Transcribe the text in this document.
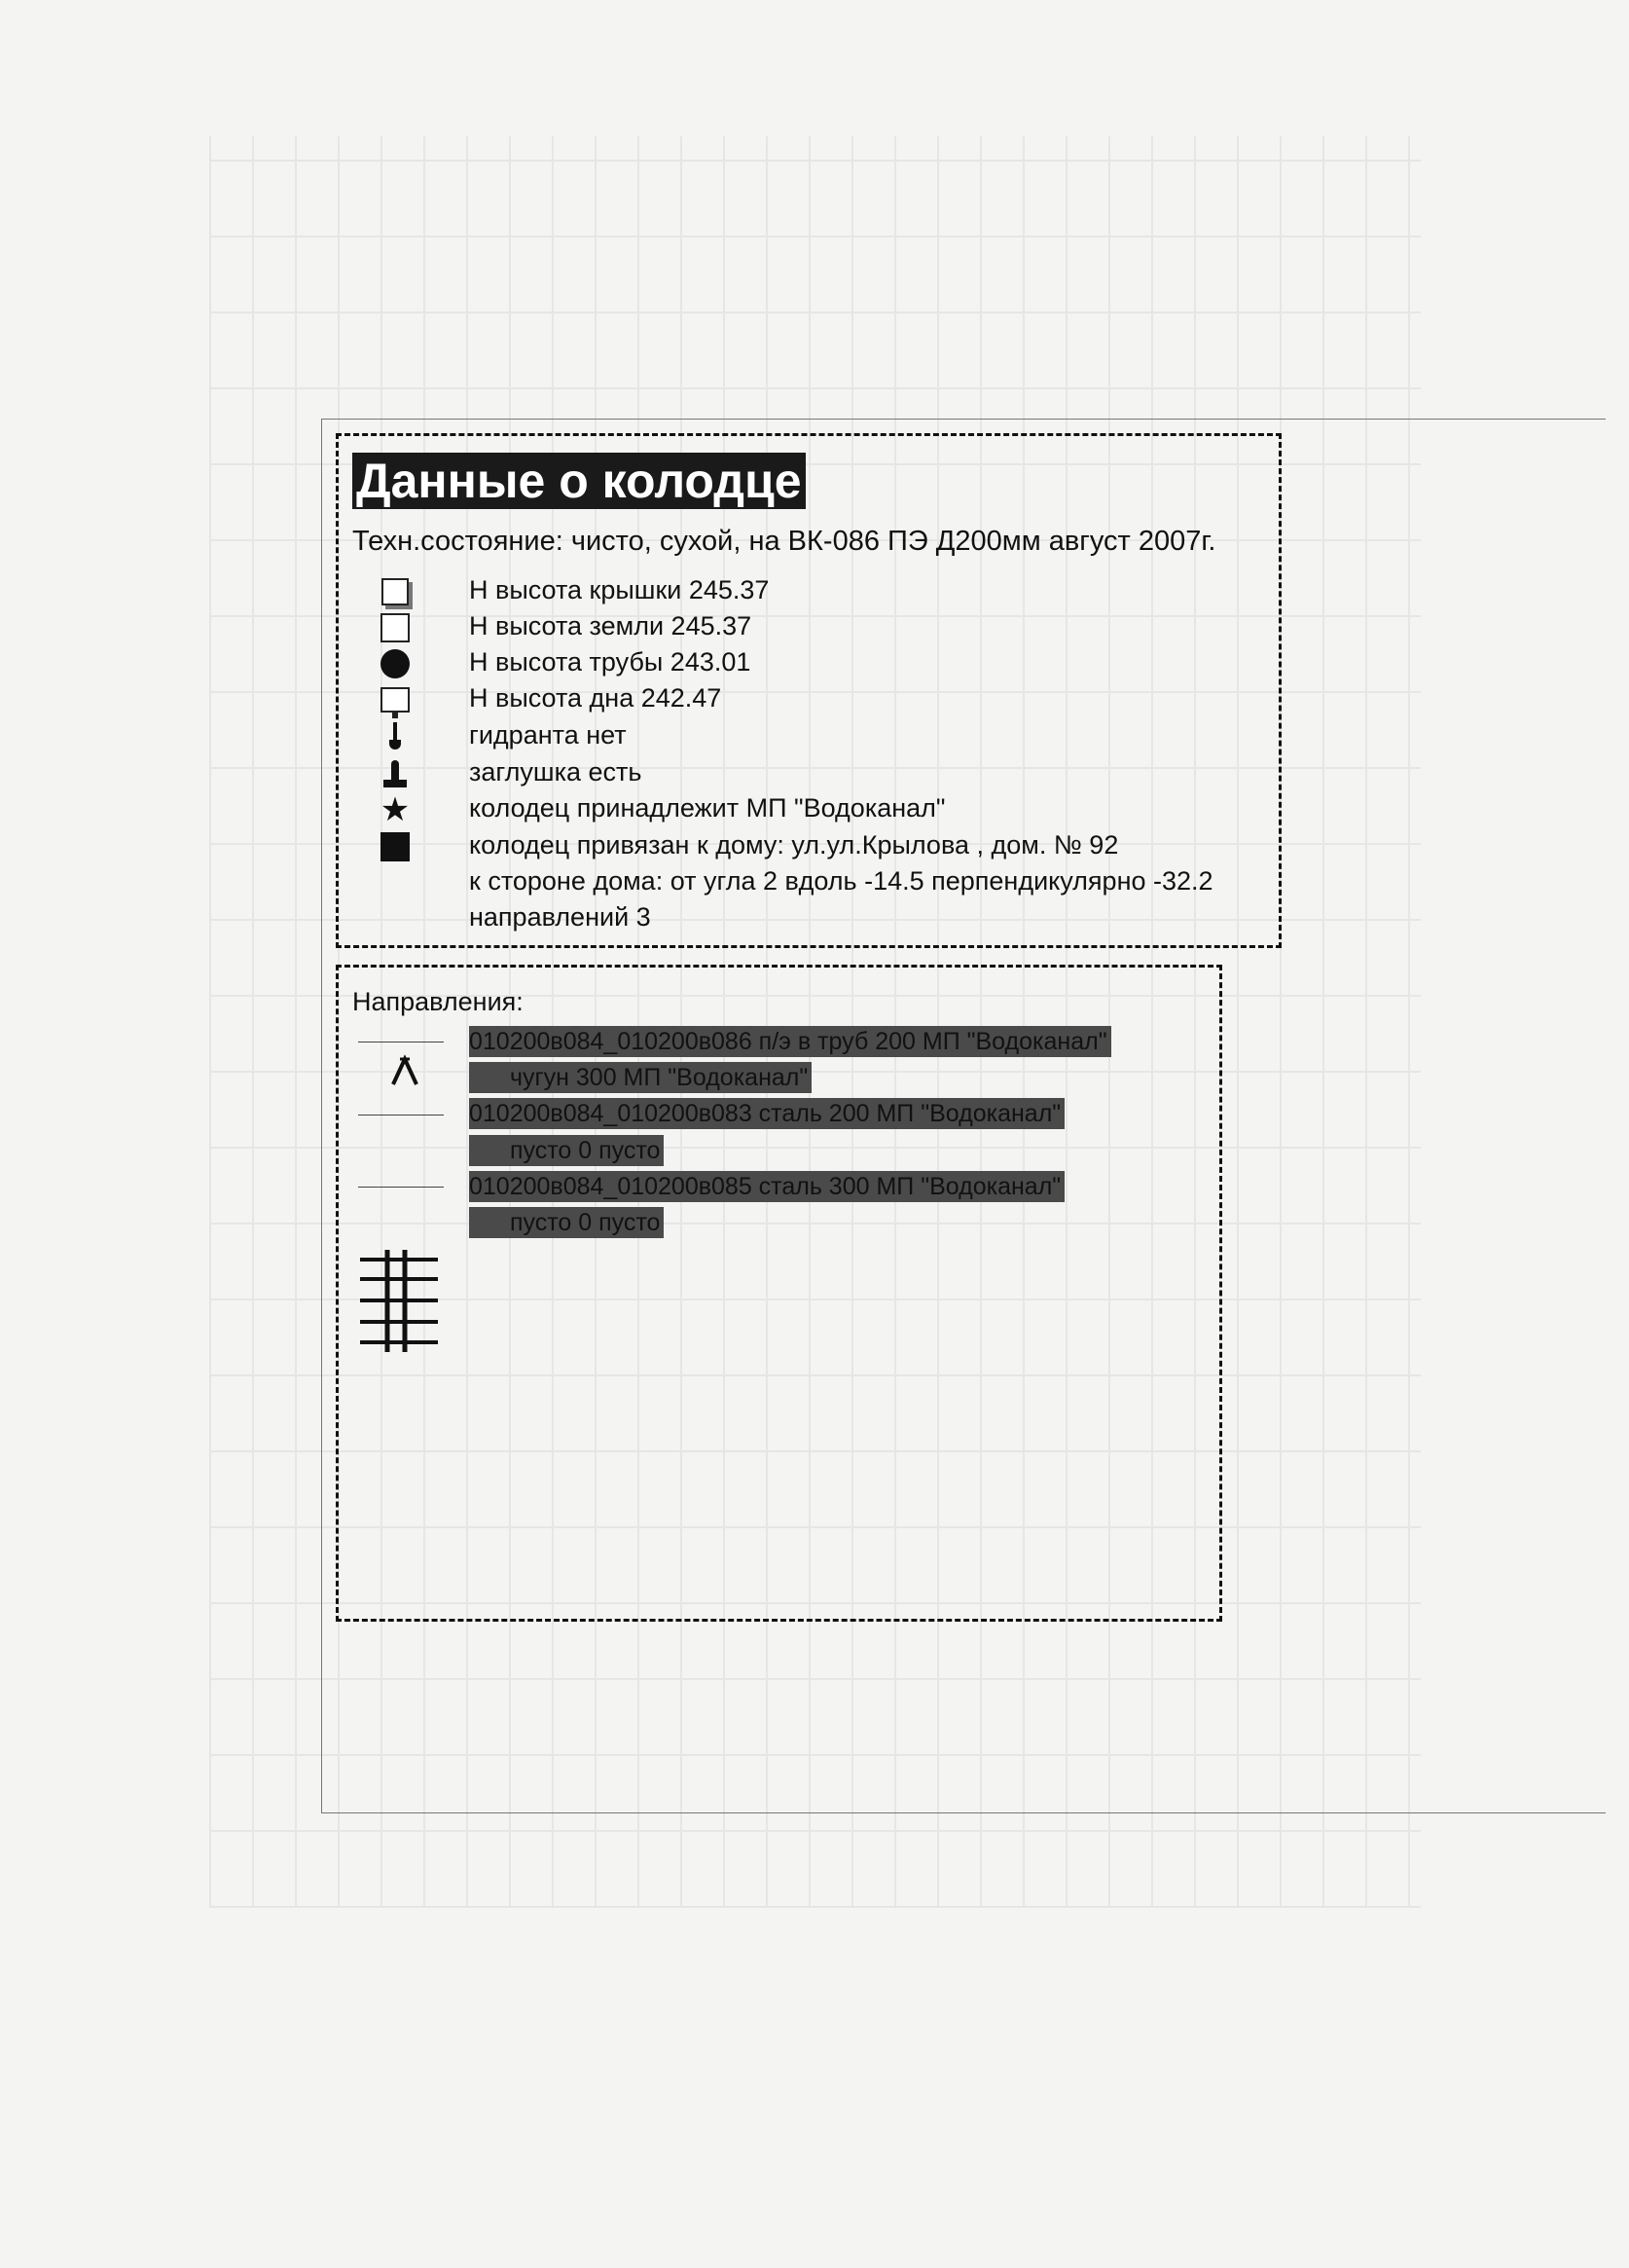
Данные о колодце
Техн.состояние: чисто, сухой, на ВК-086 ПЭ Д200мм август 2007г.
Н высота крышки 245.37
Н высота земли 245.37
Н высота трубы 243.01
Н высота дна 242.47
гидранта нет
заглушка есть
★ колодец принадлежит МП "Водоканал"
колодец привязан к дому: ул.ул.Крылова , дом. № 92
к стороне дома: от угла 2 вдоль -14.5 перпендикулярно -32.2
направлений 3
Направления:
010200в084_010200в086 п/э в труб 200 МП "Водоканал"
чугун 300 МП "Водоканал"
010200в084_010200в083 сталь 200 МП "Водоканал"
пусто 0 пусто
010200в084_010200в085 сталь 300 МП "Водоканал"
пусто 0 пусто
